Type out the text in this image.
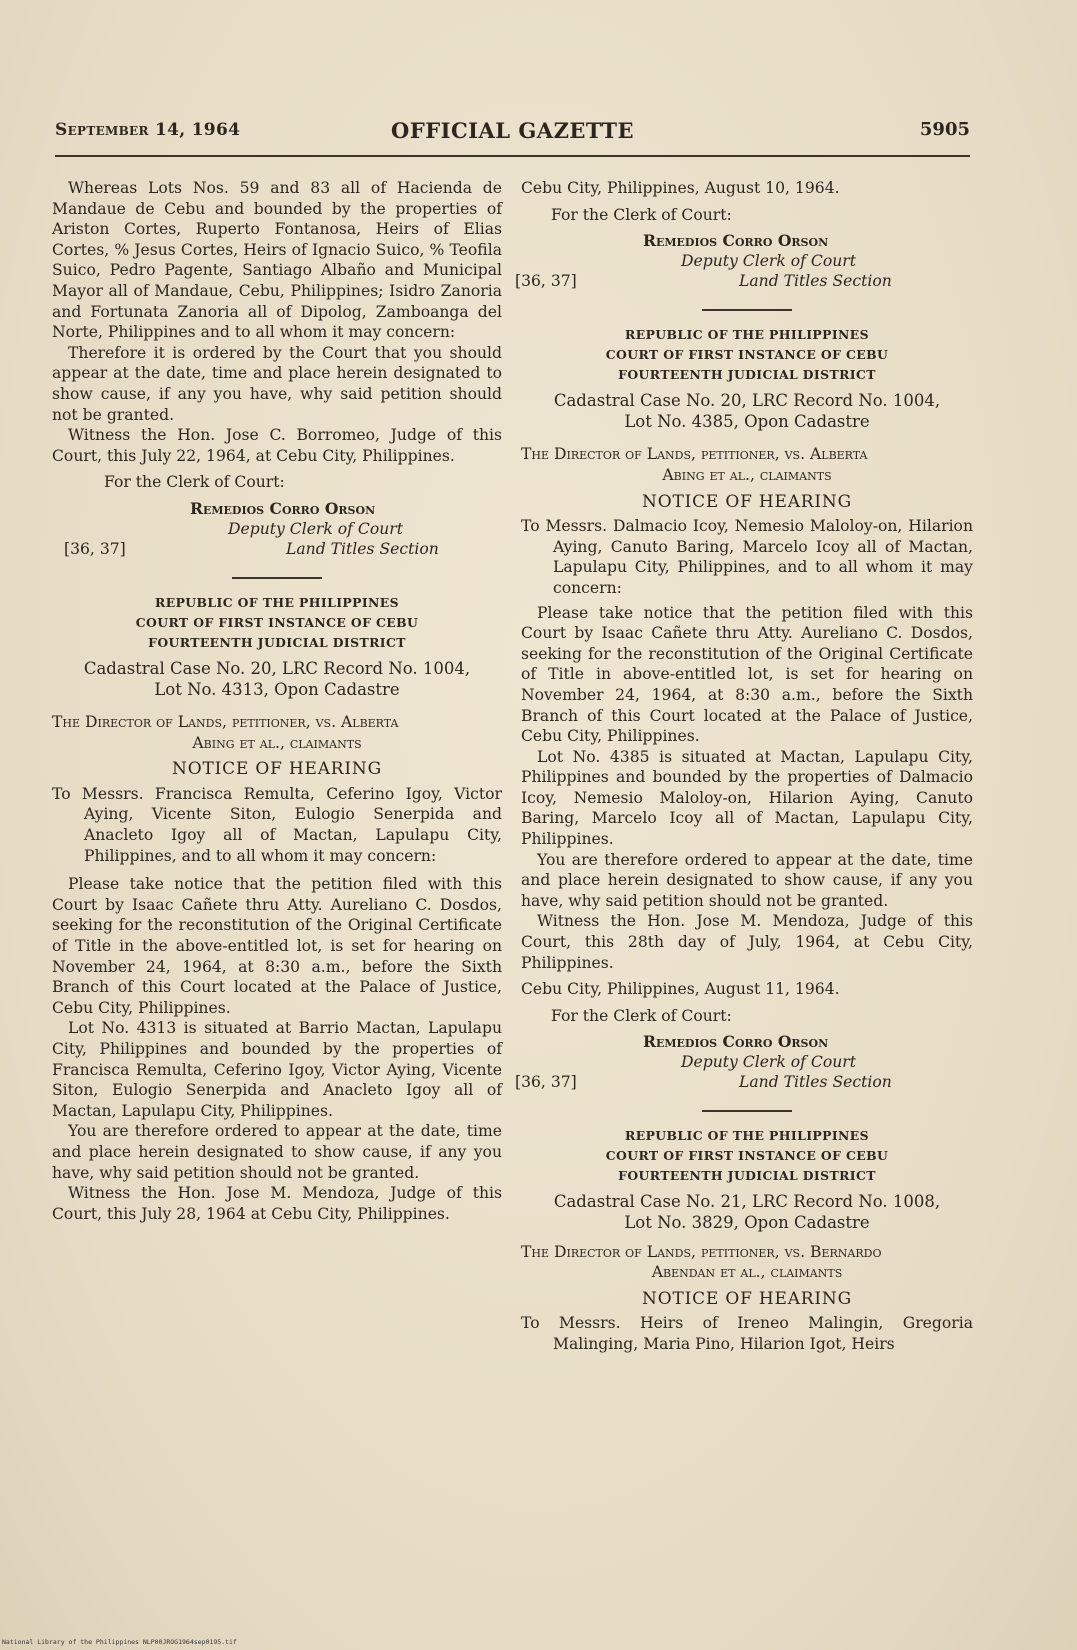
September 14, 1964	OFFICIAL GAZETTE	5905

Whereas Lots Nos. 59 and 83 all of Hacienda de Mandaue de Cebu and bounded by the properties of Ariston Cortes, Ruperto Fontanosa, Heirs of Elias Cortes, % Jesus Cortes, Heirs of Ignacio Suico, % Teofila Suico, Pedro Pagente, Santiago Albaño and Municipal Mayor all of Mandaue, Cebu, Philippines; Isidro Zanoria and Fortunata Zanoria all of Dipolog, Zamboanga del Norte, Philippines and to all whom it may concern:

Therefore it is ordered by the Court that you should appear at the date, time and place herein designated to show cause, if any you have, why said petition should not be granted.

Witness the Hon. Jose C. Borromeo, Judge of this Court, this July 22, 1964, at Cebu City, Philippines.

For the Clerk of Court:

Remedios Corro Orson
Deputy Clerk of Court
[36, 37]	Land Titles Section

REPUBLIC OF THE PHILIPPINES

COURT OF FIRST INSTANCE OF CEBU

FOURTEENTH JUDICIAL DISTRICT

Cadastral Case No. 20, LRC Record No. 1004,

Lot No. 4313, Opon Cadastre

The Director of Lands, petitioner, vs. Alberta
Abing et al., claimants

NOTICE OF HEARING

To Messrs. Francisca Remulta, Ceferino Igoy, Victor Aying, Vicente Siton, Eulogio Senerpida and Anacleto Igoy all of Mactan, Lapulapu City, Philippines, and to all whom it may concern:

Please take notice that the petition filed with this Court by Isaac Cañete thru Atty. Aureliano C. Dosdos, seeking for the reconstitution of the Original Certificate of Title in the above-entitled lot, is set for hearing on November 24, 1964, at 8:30 a.m., before the Sixth Branch of this Court located at the Palace of Justice, Cebu City, Philippines.

Lot No. 4313 is situated at Barrio Mactan, Lapulapu City, Philippines and bounded by the properties of Francisca Remulta, Ceferino Igoy, Victor Aying, Vicente Siton, Eulogio Senerpida and Anacleto Igoy all of Mactan, Lapulapu City, Philippines.

You are therefore ordered to appear at the date, time and place herein designated to show cause, if any you have, why said petition should not be granted.

Witness the Hon. Jose M. Mendoza, Judge of this Court, this July 28, 1964 at Cebu City, Philippines.

Cebu City, Philippines, August 10, 1964.

For the Clerk of Court:

Remedios Corro Orson
Deputy Clerk of Court
[36, 37]	Land Titles Section

REPUBLIC OF THE PHILIPPINES

COURT OF FIRST INSTANCE OF CEBU

FOURTEENTH JUDICIAL DISTRICT

Cadastral Case No. 20, LRC Record No. 1004,

Lot No. 4385, Opon Cadastre

The Director of Lands, petitioner, vs. Alberta
Abing et al., claimants

NOTICE OF HEARING

To Messrs. Dalmacio Icoy, Nemesio Maloloy-on, Hilarion Aying, Canuto Baring, Marcelo Icoy all of Mactan, Lapulapu City, Philippines, and to all whom it may concern:

Please take notice that the petition filed with this Court by Isaac Cañete thru Atty. Aureliano C. Dosdos, seeking for the reconstitution of the Original Certificate of Title in above-entitled lot, is set for hearing on November 24, 1964, at 8:30 a.m., before the Sixth Branch of this Court located at the Palace of Justice, Cebu City, Philippines.

Lot No. 4385 is situated at Mactan, Lapulapu City, Philippines and bounded by the properties of Dalmacio Icoy, Nemesio Maloloy-on, Hilarion Aying, Canuto Baring, Marcelo Icoy all of Mactan, Lapulapu City, Philippines.

You are therefore ordered to appear at the date, time and place herein designated to show cause, if any you have, why said petition should not be granted.

Witness the Hon. Jose M. Mendoza, Judge of this Court, this 28th day of July, 1964, at Cebu City, Philippines.

Cebu City, Philippines, August 11, 1964.

For the Clerk of Court:

Remedios Corro Orson
Deputy Clerk of Court
[36, 37]	Land Titles Section

REPUBLIC OF THE PHILIPPINES

COURT OF FIRST INSTANCE OF CEBU

FOURTEENTH JUDICIAL DISTRICT

Cadastral Case No. 21, LRC Record No. 1008,

Lot No. 3829, Opon Cadastre

The Director of Lands, petitioner, vs. Bernardo
Abendan et al., claimants

NOTICE OF HEARING

To Messrs. Heirs of Ireneo Malingin, Gregoria Malinging, Maria Pino, Hilarion Igot, Heirs

National Library of the Philippines NLP00JROG1964sep0195.tif
